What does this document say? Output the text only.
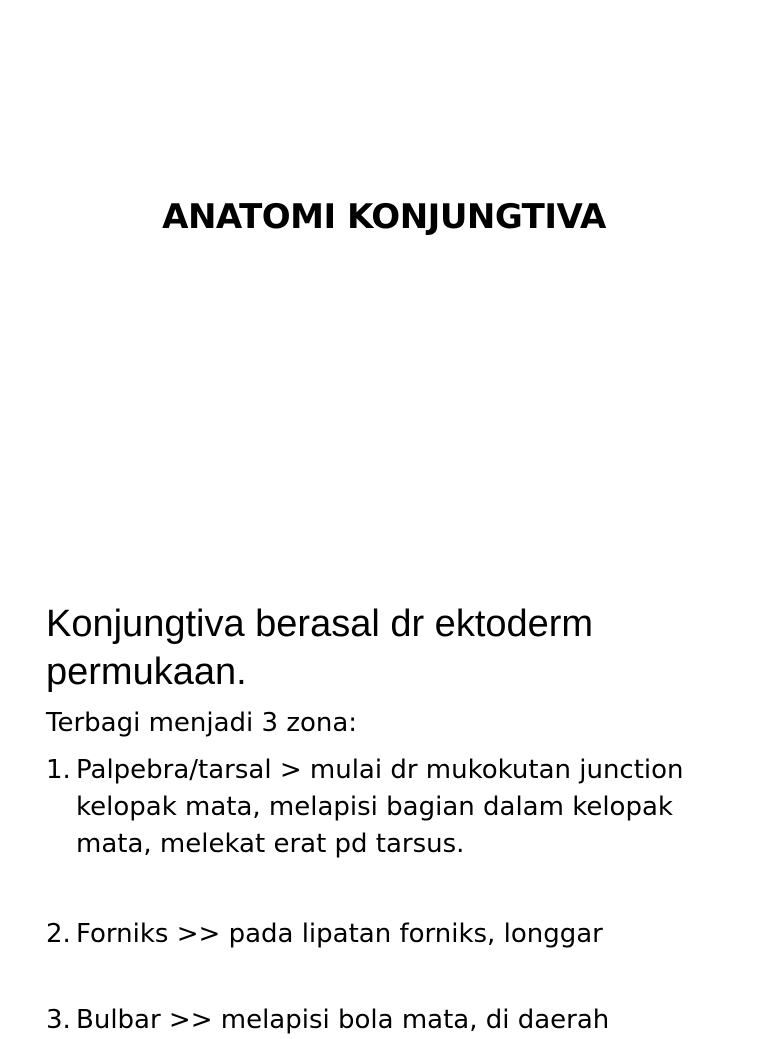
ANATOMI KONJUNGTIVA
Konjungtiva berasal dr ektoderm permukaan.
Terbagi menjadi 3 zona:
1. Palpebra/tarsal > mulai dr mukokutan junction kelopak mata, melapisi bagian dalam kelopak mata, melekat erat pd tarsus.
2. Forniks >> pada lipatan forniks, longgar
3. Bulbar >> melapisi bola mata, di daerah
